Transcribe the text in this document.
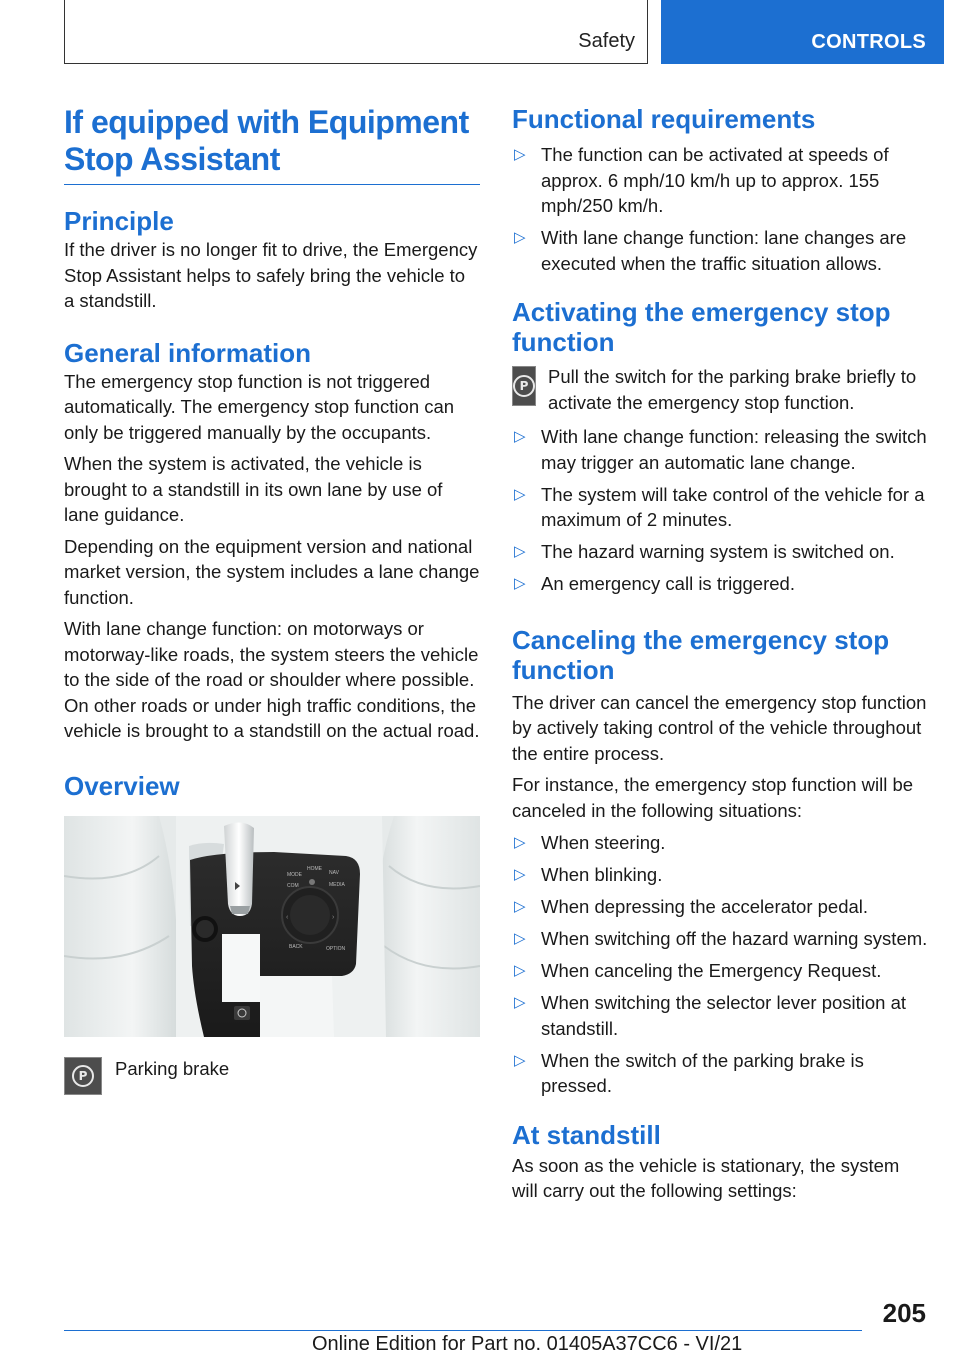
Safety	CONTROLS
If equipped with Equipment Stop Assistant
Principle

If the driver is no longer fit to drive, the Emergency Stop Assistant helps to safely bring the vehicle to a standstill.

General information

The emergency stop function is not triggered automatically. The emergency stop function can only be triggered manually by the occupants.

When the system is activated, the vehicle is brought to a standstill in its own lane by use of lane guidance.

Depending on the equipment version and national market version, the system includes a lane change function.

With lane change function: on motorways or motorway-like roads, the system steers the vehicle to the side of the road or shoulder where possible. On other roads or under high traffic conditions, the vehicle is brought to a standstill on the actual road.

Overview
‹	›
MODE
HOME
NAV
COM	MEDIA
BACK	OPTION
P	Parking brake
Functional requirements
▷ The function can be activated at speeds of approx. 6 mph/10 km/h up to approx. 155 mph/250 km/h.
▷ With lane change function: lane changes are executed when the traffic situation allows.
Activating the emergency stop function
P	Pull the switch for the parking brake briefly to activate the emergency stop function.

▷ With lane change function: releasing the switch may trigger an automatic lane change.
▷ The system will take control of the vehicle for a maximum of 2 minutes.
▷ The hazard warning system is switched on.
▷ An emergency call is triggered.
Canceling the emergency stop function

The driver can cancel the emergency stop function by actively taking control of the vehicle throughout the entire process.

For instance, the emergency stop function will be canceled in the following situations:

▷ When steering.
▷ When blinking.
▷ When depressing the accelerator pedal.
▷ When switching off the hazard warning system.
▷ When canceling the Emergency Request.
▷ When switching the selector lever position at standstill.
▷ When the switch of the parking brake is pressed.
At standstill

As soon as the vehicle is stationary, the system will carry out the following settings:

205
Online Edition for Part no. 01405A37CC6 - VI/21
